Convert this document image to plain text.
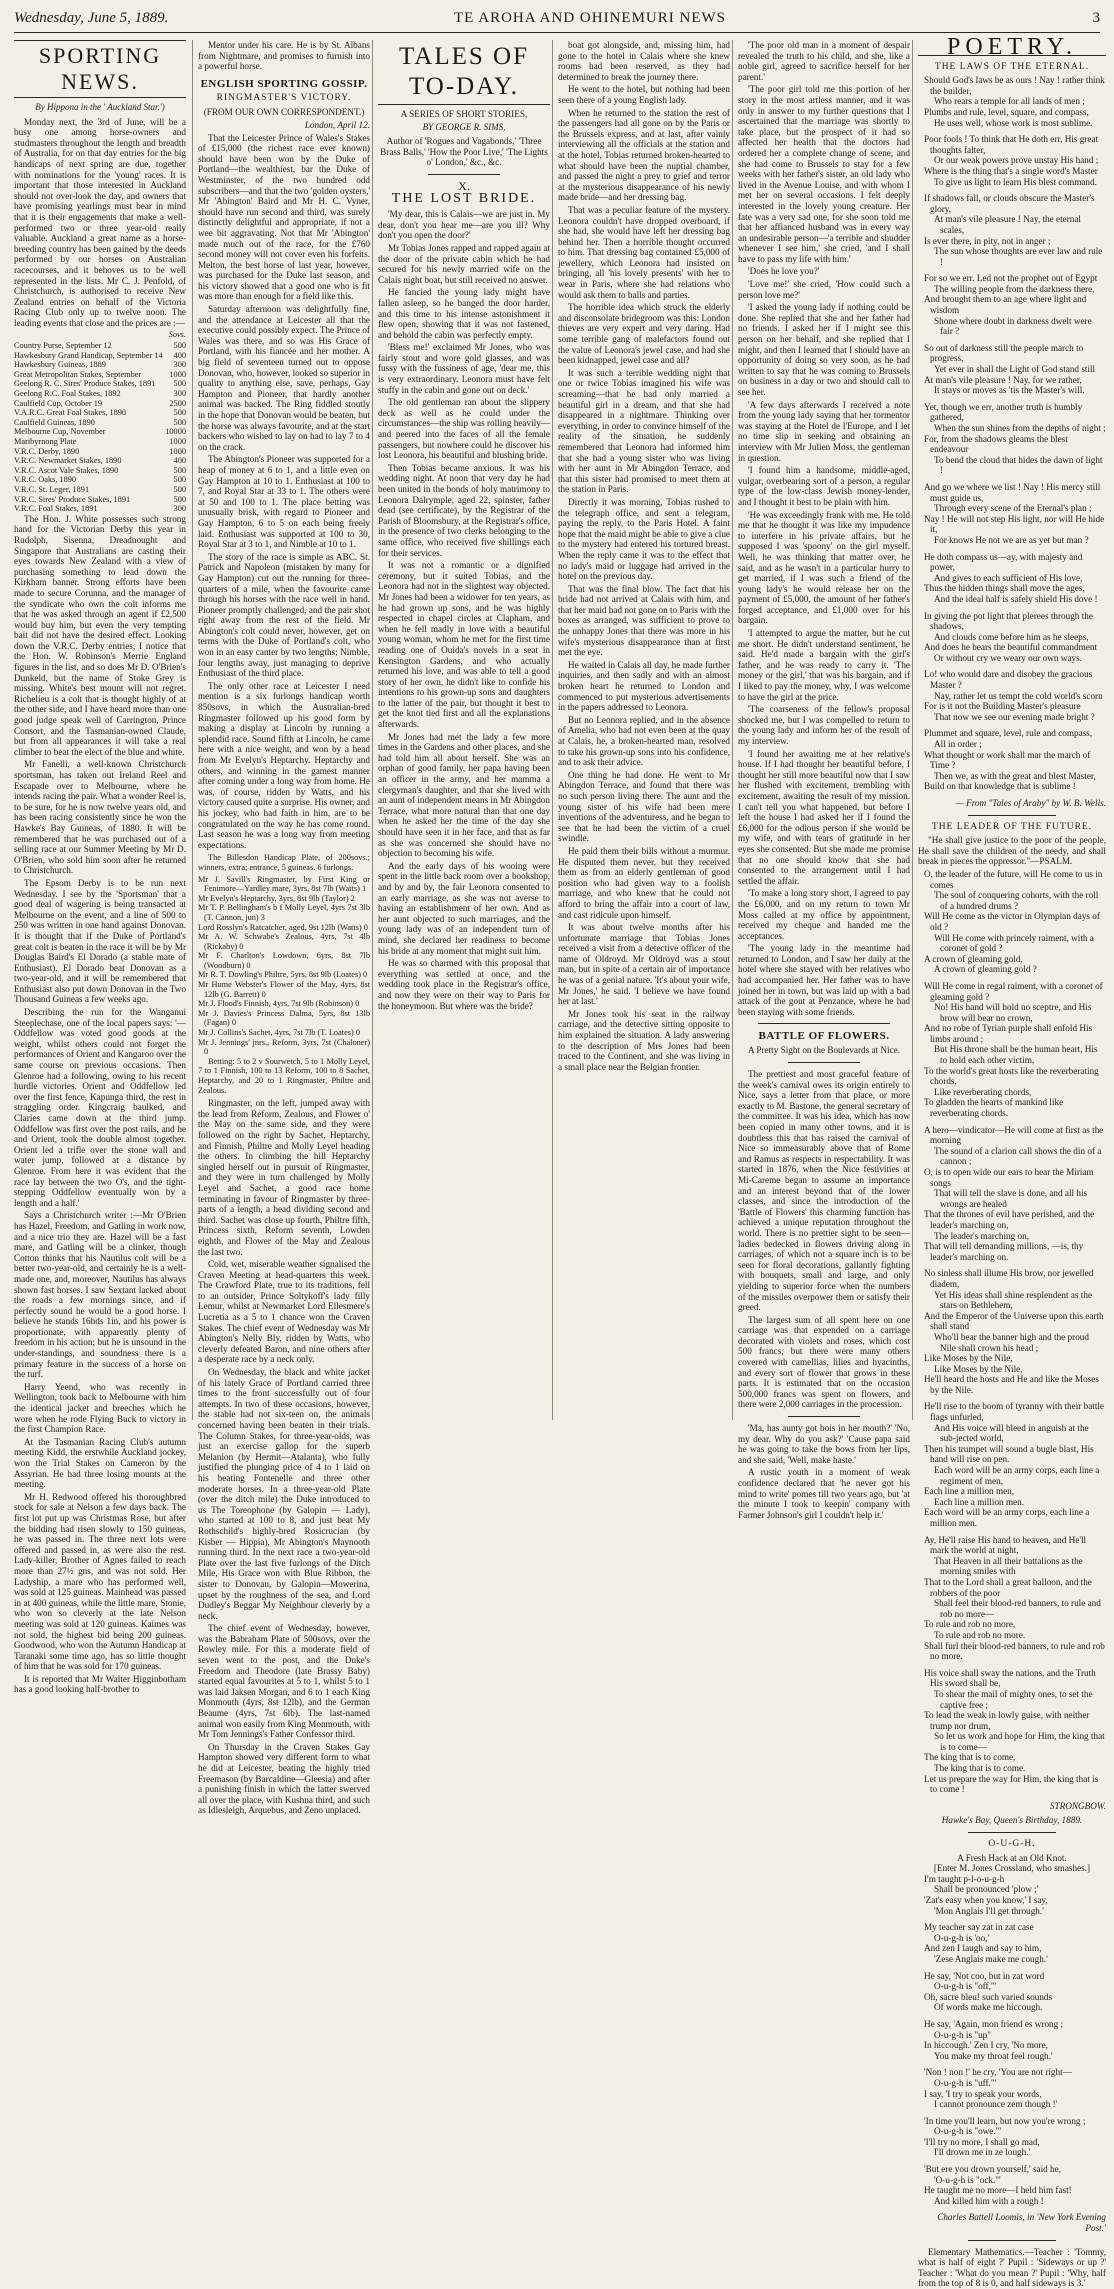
Wednesday, June 5, 1889.	TE AROHA AND OHINEMURI NEWS	3
SPORTING NEWS.
By Hippona in the ' Auckland Star.')

Monday next, the 3rd of June, will be a busy one among horse-owners and studmasters throughout the length and breadth of Australia, for on that day entries for the big handicaps of next spring are due, together with nominations for the 'young' races. It is important that those interested in Auckland should not over-look the day, and owners that have promising yearlings must bear in mind that it is their engagements that make a well-performed two or three year-old really valuable. Auckland a great name as a horse-breeding country has been gained by the deeds performed by our horses on Australian racecourses, and it behoves us to be well represented in the lists. Mr C. J. Penfold, of Christchurch, is authorised to receive New Zealand entries on behalf of the Victoria Racing Club only up to twelve noon. The leading events that close and the prices are :—

Sovs.
Country Purse, September 12	500
Hawkesbury Grand Handicap, September 14	400
Hawkesbury Guineas, 1889	300
Great Metropolitan Stakes, September	1000
Geelong R. C. Sires' Produce Stakes, 1891	500
Geelong R.C. Foal Stakes, 1892	300
Caulfield Cup, October 19	2500
V.A.R.C. Great Foal Stakes, 1890	500
Caulfield Guineas, 1890	500
Melbourne Cup, November	10000
Maribyrnong Plate	1000
V.R.C. Derby, 1890	1000
V.R.C. Newmarket Stakes, 1890	400
V.R.C. Ascot Vale Stakes, 1890	500
V.R.C. Oaks, 1890	500
V.R.C. St. Leger, 1891	500
V.R.C. Sires' Produce Stakes, 1891	500
V.R.C. Foal Stakes, 1891	300

The Hon. J. White possesses such strong hand for the Victorian Derby this year in Rudolph, Sisenna, Dreadnought and Singapore that Australians are casting their eyes towards New Zealand with a view of purchasing something to lead down the Kirkham banner. Strong efforts have been made to secure Corunna, and the manager of the syndicate who own the colt informs me that he was asked through an agent if £2,500 would buy him, but even the very tempting bait did not have the desired effect. Looking down the V.R.C. Derby entries, I notice that the Hon. W. Robinson's Merrie England figures in the list, and so does Mr D. O'Brien's Dunkeld, but the name of Stoke Grey is missing. White's best mount will not regret. Richelieu is a colt that is thought highly of at the other side, and I have heard more than one good judge speak well of Carrington, Prince Consort, and the Tasmanian-owned Claude, but from all appearances it will take a real climber to beat the elect of the blue and white.

Mr Fanelli, a well-known Christchurch sportsman, has taken out Ireland Reel and Escapade over to Melbourne, where he intends racing the pair. What a wonder Reel is, to be sure, for he is now twelve years old, and has been racing consistently since he won the Hawke's Bay Guineas, of 1880. It will be remembered that he was purchased out of a selling race at our Summer Meeting by Mr D. O'Brien, who sold him soon after he returned to Christchurch.

The Epsom Derby is to be run next Wednesday. I see by the 'Sportsman' that a good deal of wagering is being transacted at Melbourne on the event, and a line of 500 to 250 was written in one hand against Donovan. It is thought that if the Duke of Portland's great colt is beaten in the race it will be by Mr Douglas Baird's El Dorado (a stable mate of Enthusiast). El Dorado beat Donovan as a two-year-old, and it will be remembered that Enthusiast also put down Donovan in the Two Thousand Guineas a few weeks ago.

Describing the run for the Wanganui Steeplechase, one of the local papers says: '—Oddfellow was voted good goods at the weight, whilst others could not forget the performances of Orient and Kangaroo over the same course on previous occasions. Then Glenroe had a following, owing to his recent hurdle victories. Orient and Oddfellow led over the first fence, Kapunga third, the rest in straggling order. Kingcraig baulked, and Claries came down at the third jump. Oddfellow was first over the post rails, and he and Orient, took the double almost together. Orient led a trifle over the stone wall and water jump, followed at a distance by Glenroe. From here it was evident that the race lay between the two O's, and the tight-stepping Oddfellow eventually won by a length and a half.'

Says a Christchurch writer :—Mr O'Brien has Hazel, Freedom, and Gatling in work now, and a nice trio they are. Hazel will be a fast mare, and Gatling will be a clinker, though Cotton thinks that his Nautilus colt will be a better two-year-old, and certainly he is a well-made one, and, moreover, Nautilus has always shown fast horses. I saw Sextant lacked about the roads a few mornings since, and if perfectly sound he would be a good horse. I believe he stands 16hds 1in, and his power is proportionate, with apparently plenty of freedom in his action; but he is unsound in the under-standings, and soundness there is a primary feature in the success of a horse on the turf.

Harry Yeend, who was recently in Wellington, took back to Melbourne with him the identical jacket and breeches which he wore when he rode Flying Buck to victory in the first Champion Race.

At the Tasmanian Racing Club's autumn meeting Kidd, the erstwhile Auckland jockey, won the Trial Stakes on Cameron by the Assyrian. He had three losing mounts at the meeting.

Mr H. Redwood offered his thoroughbred stock for sale at Nelson a few days back. The first lot put up was Christmas Rose, but after the bidding had risen slowly to 150 guineas, he was passed in. The three next lots were offered and passed in, as were also the rest. Lady-killer, Brother of Agnes failed to reach more than 27½ gns, and was not sold. Her Ladyship, a mare who has performed well, was sold at 125 guineas. Mainhead was passed in at 400 guineas, while the little mare, Stonie, who won so cleverly at the late Nelson meeting was sold at 120 guineas. Kaimes was not sold, the highest bid being 200 guineas. Goodwood, who won the Autumn Handicap at Taranaki some time ago, has so little thought of him that he was sold for 170 guineas.

It is reported that Mr Walter Higginbotham has a good looking half-brother to

Mentor under his care. He is by St. Albans from Nightmare, and promises to furnish into a powerful horse.

ENGLISH SPORTING GOSSIP.
RINGMASTER'S VICTORY.
(FROM OUR OWN CORRESPONDENT.)
London, April 12.

That the Leicester Prince of Wales's Stakes of £15,000 (the richest race ever known) should have been won by the Duke of Portland—the wealthiest, bar the Duke of Westminster, of the two hundred odd subscribers—and that the two 'golden oysters,' Mr 'Abington' Baird and Mr H. C. Vyner, should have run second and third, was surely distinctly delightful and appropriate, if not a wee bit aggravating. Not that Mr 'Abington' made much out of the race, for the £760 second money will not cover even his forfeits. Melton, the best horse of last year, however, was purchased for the Duke last season, and his victory showed that a good one who is fit was more than enough for a field like this.

Saturday afternoon was delightfully fine, and the attendance at Leicester all that the executive could possibly expect. The Prince of Wales was there, and so was His Grace of Portland, with his fiancée and her mother. A big field of seventeen turned out to oppose Donovan, who, however, looked so superior in quality to anything else, save, perhaps, Gay Hampton and Pioneer, that hardly another animal was backed. The Ring fiddled stoutly in the hope that Donovan would be beaten, but the horse was always favourite, and at the start backers who wished to lay on had to lay 7 to 4 on the crack.

The Abington's Pioneer was supported for a heap of money at 6 to 1, and a little even on Gay Hampton at 10 to 1. Enthusiast at 100 to 7, and Royal Star at 33 to 1. The others were at 50 and 100 to 1. The place betting was unusually brisk, with regard to Pioneer and Gay Hampton, 6 to 5 on each being freely laid. Enthusiast was supported at 100 to 30, Royal Star at 3 to 1, and Nimble at 10 to 1.

The story of the race is simple as ABC. St. Patrick and Napoleon (mistaken by many for Gay Hampton) cut out the running for three-quarters of a mile, when the favourite came through his horses with the race well in hand. Pioneer promptly challenged, and the pair shot right away from the rest of the field. Mr Abington's colt could never, however, get on terms with the Duke of Portland's colt, who won in an easy canter by two lengths; Nimble, four lengths away, just managing to deprive Enthusiast of the third place.

The only other race at Leicester I need mention is a six furlongs handicap worth 850sovs, in which the Australian-bred Ringmaster followed up his good form by making a display at Lincoln by running a splendid race. Sound fifth at Lincoln, he came here with a nice weight, and won by a head from Mr Evelyn's Heptarchy. Heptarchy and others, and winning in the gamest manner after coming under a long way from home. He was, of course, ridden by Watts, and his victory caused quite a surprise. His owner, and his jockey, who had faith in him, are to be congratulated on the way he has come round. Last season he was a long way from meeting expectations.

The Billesdon Handicap Plate, of 200sovs.; winners, extra; entrance, 5 guineas. 6 furlongs.

Mr J. Savill's Ringmaster, by First King or Fenimore—Yardley mare, 3yrs, 8st 7lb (Watts) 1
Mr Evelyn's Heptarchy, 3yrs, 8st 9lb (Taylor) 2
Mr T. P. Bellingham's b f Molly Leyel, 4yrs 7st 3lb (T. Cannon, jun) 3
Lord Rosslyn's Ratcatcher, aged, 9st 12lb (Watts) 0
Mr A. W. Schwabe's Zealous, 4yrs, 7st 4lb (Rickaby) 0
Mr F. Charlton's Lowdown, 6yrs, 8st 7lb (Woodburn) 0
Mr R. T. Dowling's Philtre, 5yrs, 8st 9lb (Loates) 0
Mr Hume Webster's Flower of the May, 4yrs, 8st 12lb (G. Barrett) 0
Mr J. Flood's Finnish, 4yrs, 7st 9lb (Robinson) 0
Mr J. Davies's Princess Dalma, 5yrs, 8st 13lb (Fagan) 0
Mr J. Collins's Sachet, 4yrs, 7st 7lb (T. Loates) 0
Mr J. Jennings' jnrs., Reform, 3yrs, 7st (Chaloner) 0

Betting: 5 to 2 v Sourwetch, 5 to 1 Molly Leyel, 7 to 1 Finnish, 100 to 13 Reform, 100 to 8 Sachet, Heptarchy, and 20 to 1 Ringmaster, Philtre and Zealous.

Ringmaster, on the left, jumped away with the lead from Reform, Zealous, and Flower o' the May on the same side, and they were followed on the right by Sachet, Heptarchy, and Finnish, Philtre and Molly Leyel heading the others. In climbing the hill Heptarchy singled herself out in pursuit of Ringmaster, and they were in turn challenged by Molly Leyel and Sachet, a good race home terminating in favour of Ringmaster by three-parts of a length, a head dividing second and third. Sachet was close up fourth, Philtre fifth, Princess sixth, Reform seventh, Lowden eighth, and Flower of the May and Zealous the last two.

Cold, wet, miserable weather signalised the Craven Meeting at head-quarters this week. The Crawford Plate, true to its traditions, fell to an outsider, Prince Soltykoff's lady filly Lemur, whilst at Newmarket Lord Ellesmere's Lucretia as a 5 to 1 chance won the Craven Stakes. The chief event of Wednesday was Mr Abington's Nelly Bly, ridden by Watts, who cleverly defeated Baron, and nine others after a desperate race by a neck only.

On Wednesday, the black and white jacket of his lately Grace of Portland carried three times to the front successfully out of four attempts. In two of these occasions, however, the stable had not six-teen on, the animals concerned having been beaten in their trials. The Column Stakes, for three-year-olds, was just an exercise gallop for the superb Melanion (by Hermit—Atalanta), who fully justified the plunging price of 4 to 1 laid on his beating Fontenelle and three other moderate horses. In a three-year-old Plate (over the ditch mile) the Duke introduced to us The Toreophone (by Galopin — Lady), who started at 100 to 8, and just beat My Rothschild's highly-bred Rosicrucian (by Kisber — Hippia), Mr Abington's Maynooth running third. In the next race a two-year-old Plate over the last five furlongs of the Ditch Mile, His Grace won with Blue Ribbon, the sister to Donovan, by Galopin—Mowerina, upset by the roughness of the sea, and Lord Dudley's Beggar My Neighbour cleverly by a neck.

The chief event of Wednesday, however, was the Babraham Plate of 500sovs, over the Rowley mile. For this a moderate field of seven went to the post, and the Duke's Freedom and Theodore (late Brassy Baby) started equal favourites at 5 to 1, whilst 5 to 1 was laid Jaksen Morgan, and 6 to 1 each King Monmouth (4yrs, 8st 12lb), and the German Beaume (4yrs, 7st 6lb). The last-named animal won easily from King Monmouth, with Mr Tom Jennings's Father Confessor third.

On Thursday in the Craven Stakes Gay Hampton showed very different form to what he did at Leicester, beating the highly tried Freemason (by Barcaldine—Gleesia) and after a punishing finish in which the latter swerved all over the place, with Kushna third, and such as Idlesleigh, Arquebus, and Zeno unplaced.

TALES OF TO-DAY.
A SERIES OF SHORT STORIES,
BY GEORGE R. SIMS,
Author of 'Rogues and Vagabonds,' 'Three Brass Balls,' 'How the Poor Live,' 'The Lights o' London,' &c., &c.
X.
THE LOST BRIDE.

'My dear, this is Calais—we are just in. My dear, don't you hear me—are you ill? Why don't you open the door?'

Mr Tobias Jones rapped and rapped again at the door of the private cabin which he had secured for his newly married wife on the Calais night boat, but still received no answer.

He fancied the young lady might have fallen asleep, so he banged the door harder, and this time to his intense astonishment it flew open, showing that it was not fastened, and behold the cabin was perfectly empty.

'Bless me!' exclaimed Mr Jones, who was fairly stout and wore gold glasses, and was fussy with the fussiness of age, 'dear me, this is very extraordinary. Leonora must have felt stuffy in the cabin and gone out on deck.'

The old gentleman ran about the slippery deck as well as he could under the circumstances—the ship was rolling heavily—and peered into the faces of all the female passengers, but nowhere could he discover his lost Leonora, his beautiful and blushing bride.

Then Tobias became anxious. It was his wedding night. At noon that very day he had been united in the bonds of holy matrimony to Leonora Dalrymple, aged 22, spinster, father dead (see certificate), by the Registrar of the Parish of Bloomsbury, at the Registrar's office, in the presence of two clerks belonging to the same office, who received five shillings each for their services.

It was not a romantic or a dignified ceremony, but it suited Tobias, and the Leonora had not in the slightest way objected. Mr Jones had been a widower for ten years, as he had grown up sons, and he was highly respected in chapel circles at Clapham, and when he fell madly in love with a beautiful young woman, whom he met for the first time reading one of Ouida's novels in a seat in Kensington Gardens, and who actually returned his love, and was able to tell a good story of her own, he didn't like to confide his intentions to his grown-up sons and daughters to the latter of the pair, but thought it best to get the knot tied first and all the explanations afterwards.

Mr Jones had met the lady a few more times in the Gardens and other places, and she had told him all about herself. She was an orphan of good family, her papa having been an officer in the army, and her mamma a clergyman's daughter, and that she lived with an aunt of independent means in Mr Abingdon Terrace, what more natural than that one day when he asked her the time of the day she should have seen it in her face, and that as far as she was concerned she should have no objection to becoming his wife.

And the early days of his wooing were spent in the little back room over a bookshop, and by and by, the fair Leonora consented to an early marriage, as she was not averse to having an establishment of her own. And as her aunt objected to such marriages, and the young lady was of an independent turn of mind, she declared her readiness to become his bride at any moment that might suit him.

He was so charmed with this proposal that everything was settled at once, and the wedding took place in the Registrar's office, and now they were on their way to Paris for the honeymoon. But where was the bride?

boat got alongside, and, missing him, had gone to the hotel in Calais where she knew rooms had been reserved, as they had determined to break the journey there.

He went to the hotel, but nothing had been seen there of a young English lady.

When he returned to the station the rest of the passengers had all gone on by the Paris or the Brussels express, and at last, after vainly interviewing all the officials at the station and at the hotel, Tobias returned broken-hearted to what should have been the nuptial chamber, and passed the night a prey to grief and terror at the mysterious disappearance of his newly made bride—and her dressing bag.

That was a peculiar feature of the mystery. Leonora couldn't have dropped overboard, if she had, she would have left her dressing bag behind her. Then a horrible thought occurred to him. That dressing bag contained £5,000 of jewellery, which Leonora had insisted on bringing, all 'his lovely presents' with her to wear in Paris, where she had relations who would ask them to balls and parties.

The horrible idea which struck the elderly and disconsolate bridegroom was this: London thieves are very expert and very daring. Had some terrible gang of malefactors found out the value of Leonora's jewel case, and had she been kidnapped, jewel case and all?

It was such a terrible wedding night that one or twice Tobias imagined his wife was screaming—that he had only married a beautiful girl in a dream, and that she had disappeared in a nightmare. Thinking over everything, in order to convince himself of the reality of the situation, he suddenly remembered that Leonora had informed him that she had a young sister who was living with her aunt in Mr Abingdon Terrace, and that this sister had promised to meet them at the station in Paris.

Directly it was morning, Tobias rushed to the telegraph office, and sent a telegram, paying the reply, to the Paris Hotel. A faint hope that the maid might be able to give a clue to the mystery had entered his tortured breast. When the reply came it was to the effect that no lady's maid or luggage had arrived in the hotel on the previous day.

That was the final blow. The fact that his bride had not arrived at Calais with him, and that her maid had not gone on to Paris with the boxes as arranged, was sufficient to prove to the unhappy Jones that there was more in his wife's mysterious disappearance than at first met the eye.

He waited in Calais all day, he made further inquiries, and then sadly and with an almost broken heart he returned to London and commenced to put mysterious advertisements in the papers addressed to Leonora.

But no Leonora replied, and in the absence of Amelia, who had not even been at the quay at Calais, he, a broken-hearted man, resolved to take his grown-up sons into his confidence, and to ask their advice.

One thing he had done. He went to Mr Abingdon Terrace, and found that there was no such person living there. The aunt and the young sister of his wife had been mere inventions of the adventuress, and he began to see that he had been the victim of a cruel swindle.

He paid them their bills without a murmur. He disputed them never, but they received them as from an elderly gentleman of good position who had given way to a foolish marriage, and who knew that he could not afford to bring the affair into a court of law, and cast ridicule upon himself.

It was about twelve months after his unfortunate marriage that Tobias Jones received a visit from a detective officer of the name of Oldroyd. Mr Oldroyd was a stout man, but in spite of a certain air of importance he was of a genial nature. 'It's about your wife, Mr Jones,' he said. 'I believe we have found her at last.'

Mr Jones took his seat in the railway carriage, and the detective sitting opposite to him explained the situation. A lady answering to the description of Mrs Jones had been traced to the Continent, and she was living in a small place near the Belgian frontier.

'The poor old man in a moment of despair revealed the truth to his child, and she, like a noble girl, agreed to sacrifice herself for her parent.'

'The poor girl told me this portion of her story in the most artless manner, and it was only in answer to my further questions that I ascertained that the marriage was shortly to take place, but the prospect of it had so affected her health that the doctors had ordered her a complete change of scene, and she had come to Brussels to stay for a few weeks with her father's sister, an old lady who lived in the Avenue Louise, and with whom I met her on several occasions. I felt deeply interested in the lovely young creature. Her fate was a very sad one, for she soon told me that her affianced husband was in every way an undesirable person—'a terrible and shudder whenever I see him,' she cried, 'and I shall have to pass my life with him.'

'Does he love you?'

'Love me!' she cried, 'How could such a person love me?'

'I asked the young lady if nothing could be done. She replied that she and her father had no friends. I asked her if I might see this person on her behalf, and she replied that I might, and then I learned that I should have an opportunity of doing so very soon, as he had written to say that he was coming to Brussels on business in a day or two and should call to see her.

'A few days afterwards I received a note from the young lady saying that her tormentor was staying at the Hotel de l'Europe, and I let no time slip in seeking and obtaining an interview with Mr Julien Moss, the gentleman in question.

'I found him a handsome, middle-aged, vulgar, overbearing sort of a person, a regular type of the low-class Jewish money-lender, and I thought it best to be plain with him.

'He was exceedingly frank with me. He told me that he thought it was like my impudence to interfere in his private affairs, but he supposed I was 'spoony' on the girl myself. Well, he was thinking that matter over, he said, and as he wasn't in a particular hurry to get married, if I was such a friend of the young lady's he would release her on the payment of £5,000, the amount of her father's forged acceptance, and £1,000 over for his bargain.

'I attempted to argue the matter, but he cut me short. He didn't understand sentiment, he said. He'd made a bargain with the girl's father, and he was ready to carry it. 'The money or the girl,' that was his bargain, and if I liked to pay the money, why, I was welcome to have the girl at the price.

'The coarseness of the fellow's proposal shocked me, but I was compelled to return to the young lady and inform her of the result of my interview.

'I found her awaiting me at her relative's house. If I had thought her beautiful before, I thought her still more beautiful now that I saw her flushed with excitement, trembling with excitement, awaiting the result of my mission. I can't tell you what happened, but before I left the house I had asked her if I found the £6,000 for the odious person if she would be my wife, and with tears of gratitude in her eyes she consented. But she made me promise that no one should know that she had consented to the arrangement until I had settled the affair.

'To make a long story short, I agreed to pay the £6,000, and on my return to town Mr Moss called at my office by appointment, received my cheque and handed me the acceptances.

'The young lady in the meantime had returned to London, and I saw her daily at the hotel where she stayed with her relatives who had accompanied her. Her father was to have joined her in town, but was laid up with a bad attack of the gout at Penzance, where he had been staying with some friends.

BATTLE OF FLOWERS.
A Pretty Sight on the Boulevards at Nice.

The prettiest and most graceful feature of the week's carnival owes its origin entirely to Nice, says a letter from that place, or more exactly to M. Bastone, the general secretary of the committee. It was his idea, which has now been copied in many other towns, and it is doubtless this that has raised the carnival of Nice so immeasurably above that of Rome and Ramus as respects in respectability. It was started in 1876, when the Nice festivities at Mi-Careme began to assume an importance and an interest beyond that of the lower classes, and since the introduction of the 'Battle of Flowers' this charming function has achieved a unique reputation throughout the world. There is no prettier sight to be seen—ladies bedecked in flowers driving along in carriages, of which not a square inch is to be seen for floral decorations, gallantly fighting with bouquets, small and large, and only yielding to superior force when the numbers of the missiles overpower them or satisfy their greed.

The largest sum of all spent here on one carriage was that expended on a carriage decorated with violets and roses, which cost 500 francs, but there were many others covered with camellias, lilies and hyacinths, and every sort of flower that grows in these parts. It is estimated that on the occasion 500,000 francs was spent on flowers, and there were 2,000 carriages in the procession.

'Ma, has aunty got bois in her mouth?' 'No, my dear. Why do you ask?' 'Cause papa said he was going to take the bows from her lips, and she said, 'Well, make haste.'

A rustic youth in a moment of weak confidence declared that 'he never got his mind to write' pomes till two years ago, but 'at the minute I took to keepin' company with Farmer Johnson's girl I couldn't help it.'

POETRY.
THE LAWS OF THE ETERNAL.
Should God's laws be as ours ! Nay ! rather think the builder,
Who rears a temple for all lands of men ;
Plumbs and rule, level, square, and compass,
He uses well, whose work is most sublime.
Poor fools ! To think that He doth err, His great thoughts falter,
Or our weak powers prove unstay His hand ;
Where is the thing that's a single word's Master
To give us light to learn His blest command.
If shadows fall, or clouds obscure the Master's glory,
At man's vile pleasure ! Nay, the eternal scales,
Is ever there, in pity, not in anger ;
The sun whose thoughts are ever law and rule !
For so we err. Led not the prophet out of Egypt
The willing people from the darkness there,
And brought them to an age where light and wisdom
Shone where doubt in darkness dwelt were fair ?
So out of darkness still the people march to progress,
Yet ever in shall the Light of God stand still
At man's vile pleasure ! Nay, for we rather,
It stays or moves as 'tis the Master's will.
Yet, though we err, another truth is humbly gathered,
When the sun shines from the depths of night ;
For, from the shadows gleams the blest endeavour
To bend the cloud that hides the dawn of light !
And go we where we list ! Nay ! His mercy still must guide us,
Through every scene of the Eternal's plan ;
Nay ! He will not step His light, nor will He hide it,
For knows He not we are as yet but man ?
He doth compass us—ay, with majesty and power,
And gives to each sufficient of His love,
Thus the hidden things shall move the ages,
And the ideal half is safely shield His dove !
In giving the pot light that plerees through the shadows,
And clouds come before him as he sleeps,
And does he bears the beautiful commandment
Or without cry we weary our own ways.
Lo! who would dare and disobey the gracious Master ?
Nay, rather let us tempt the cold world's scorn
For is it not the Building Master's pleasure
That now we see our evening made bright ?
Plummet and square, level, rule and compass,
All in order ;
What thought or work shall mar the march of Time ?
Then we, as with the great and blest Master,
Build on that knowledge that is sublime !
— From "Tales of Araby" by W. B. Wells.
THE LEADER OF THE FUTURE.

"He shall give justice to the poor of the people, He shall save the children of the needy, and shall break in pieces the oppressor."—PSALM.

O, the leader of the future, will He come to us in comes
The soul of conquering cohorts, with the roll of a hundred drums ?
Will He come as the victor in Olympian days of old ?
Will He come with princely raiment, with a coronet of gold ?
A crown of gleaming gold,
A crown of gleaming gold ?
Will He come in regal raiment, with a coronet of gleaming gold ?
No! His hand will hold no sceptre, and His brow will bear no crown,
And no robe of Tyrian purple shall enfold His limbs around ;
But His throne shall be the human heart, His to hold each other victim,
To the world's great hosts like the reverberating chords,
Like reverberating chords,
To gladden the hearts of mankind like reverberating chords.
A hero—vindicator—He will come at first as the morning
The sound of a clarion call shows the din of a cannon ;
O, is to open wide our ears to hear the Miriam songs
That will tell the slave is done, and all his wrongs are healed
That the thrones of evil have perished, and the leader's marching on,
The leader's marching on,
That will tell demanding millions, —is, thy leader's marching on.
No sinless shall illume His brow, nor jewelled diadem,
Yet His ideas shall shine resplendent as the stars on Bethlehem,
And the Emperor of the Universe upon this earth shall stand
Who'll bear the banner high and the proud Nile shall crown his head ;
Like Moses by the Nile,
Like Moses by the Nile,
He'll heard the hosts and He and like the Moses by the Nile.
He'll rise to the boom of tyranny with their battle flags unfurled,
And His voice will bleed in anguish at the sub-jected world,
Then his trumpet will sound a bugle blast, His hand will rise on pen.
Each word will be an army corps, each line a regiment of men,
Each line a million men,
Each line a million men.
Each word will be an army corps, each line a million men.
Ay, He'll raise His hand to heaven, and He'll mark the world at night,
That Heaven in all their battalions as the morning smiles with
That to the Lord shall a great balloon, and the robbers of the poor
Shall feel their blood-red banners, to rule and rob no more—
To rule and rob no more,
To rule and rob no more.
Shall furl their blood-red banners, to rule and rob no more.
His voice shall sway the nations, and the Truth His sword shall be,
To shear the mail of mighty ones, to set the captive free ;
To lead the weak in lowly guise, with neither trump nor drum,
So let us work and hope for Him, the king that is to come—
The king that is to come,
The king that is to come.
Let us prepare the way for Him, the king that is to come !
STRONGBOW.
Hawke's Bay, Queen's Birthday, 1889.
O-U-G-H.
A Fresh Hack at an Old Knot.
[Enter M. Jones Crossland, who smashes.]
I'm taught p-l-o-u-g-h
Shall be pronounced 'plow ;'
'Zat's easy when you know,' I say,
'Mon Anglais I'll get through.'
My teacher say zat in zat case
O-u-g-h is 'oo,'
And zen I laugh and say to him,
'Zese Anglais make me cough.'
He say, 'Not coo, but in zat word
O-u-g-h is "off,"'
Oh, sacre bleu! such varied sounds
Of words make me hiccough.
He say, 'Again, mon friend es wrong ;
O-u-g-h is "up"
In hiccough.' Zen I cry, 'No more,
You make my throat feel rough.'
'Non ! non !' he cry, 'You are not right—
O-u-g-h is "uff."'
I say, 'I try to speak your words,
I cannot pronounce zem though !'
'In time you'll learn, but now you're wrong ;
O-u-g-h is "owe."'
'I'll try no more, I shall go mad,
I'll drown me in ze lough.'
'But ere you drown yourself,' said he,
'O-u-g-h is "ock."'
He taught me no more—I held him fast!
And killed him with a rough !
Charles Battell Loomis, in 'New York Evening Post.'

Elementary Mathematics.—Teacher : 'Tommy, what is half of eight ?' Pupil : 'Sideways or up ?' Teacher : 'What do you mean ?' Pupil : 'Why, half from the top of 8 is 0, and half sideways is 3.'
